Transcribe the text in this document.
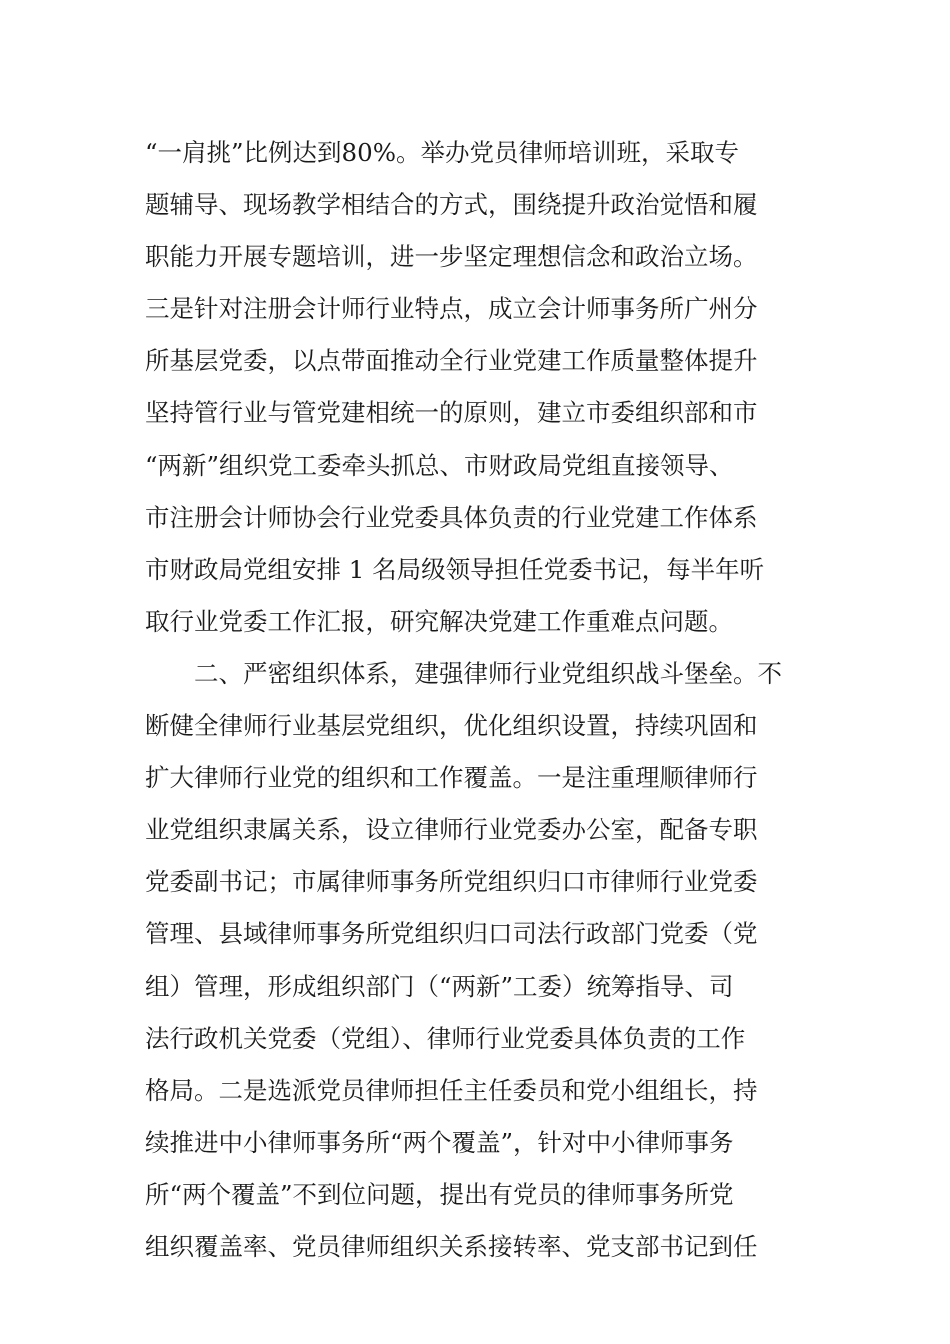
“一肩挑”比例达到80%。举办党员律师培训班，采取专
题辅导、现场教学相结合的方式，围绕提升政治觉悟和履
职能力开展专题培训，进一步坚定理想信念和政治立场。
三是针对注册会计师行业特点，成立会计师事务所广州分
所基层党委，以点带面推动全行业党建工作质量整体提升
坚持管行业与管党建相统一的原则，建立市委组织部和市
“两新”组织党工委牵头抓总、市财政局党组直接领导、
市注册会计师协会行业党委具体负责的行业党建工作体系
市财政局党组安排 1 名局级领导担任党委书记，每半年听
取行业党委工作汇报，研究解决党建工作重难点问题。
　　二、严密组织体系，建强律师行业党组织战斗堡垒。不
断健全律师行业基层党组织，优化组织设置，持续巩固和
扩大律师行业党的组织和工作覆盖。一是注重理顺律师行
业党组织隶属关系，设立律师行业党委办公室，配备专职
党委副书记；市属律师事务所党组织归口市律师行业党委
管理、县域律师事务所党组织归口司法行政部门党委（党
组）管理，形成组织部门（“两新”工委）统筹指导、司
法行政机关党委（党组）、律师行业党委具体负责的工作
格局。二是选派党员律师担任主任委员和党小组组长，持
续推进中小律师事务所“两个覆盖”，针对中小律师事务
所“两个覆盖”不到位问题，提出有党员的律师事务所党
组织覆盖率、党员律师组织关系接转率、党支部书记到任
